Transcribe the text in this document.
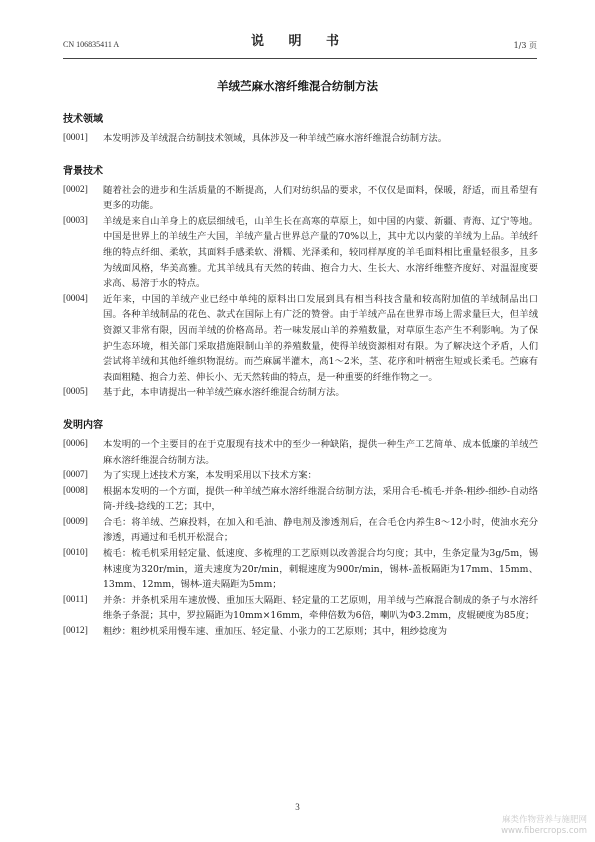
CN 106835411 A	说 明 书	1/3 页
羊绒苎麻水溶纤维混合纺制方法
技术领域
[0001]	本发明涉及羊绒混合纺制技术领域，具体涉及一种羊绒苎麻水溶纤维混合纺制方法。
背景技术
[0002]	随着社会的进步和生活质量的不断提高，人们对纺织品的要求，不仅仅是面料，保暖，舒适，而且希望有更多的功能。
[0003]	羊绒是来自山羊身上的底层细绒毛，山羊生长在高寒的草原上，如中国的内蒙、新疆、青海、辽宁等地。中国是世界上的羊绒生产大国，羊绒产量占世界总产量的70%以上，其中尤以内蒙的羊绒为上品。羊绒纤维的特点纤细、柔软，其面料手感柔软、滑糯、光泽柔和，较同样厚度的羊毛面料相比重量轻很多，且多为绒面风格，华美高雅。尤其羊绒具有天然的转曲、抱合力大、生长大、水溶纤维整齐度好、对温湿度要求高、易溶于水的特点。
[0004]	近年来，中国的羊绒产业已经中单纯的原料出口发展到具有相当科技含量和较高附加值的羊绒制品出口国。各种羊绒制品的花色、款式在国际上有广泛的赞誉。由于羊绒产品在世界市场上需求量巨大，但羊绒资源又非常有限，因而羊绒的价格高昂。若一味发展山羊的养殖数量，对草原生态产生不利影响。为了保护生态环境，相关部门采取措施限制山羊的养殖数量，使得羊绒资源相对有限。为了解决这个矛盾，人们尝试将羊绒和其他纤维织物混纺。而苎麻属半灌木，高1～2米，茎、花序和叶柄密生短或长柔毛。苎麻有表面粗糙、抱合力差、伸长小、无天然转曲的特点，是一种重要的纤维作物之一。
[0005]	基于此，本申请提出一种羊绒苎麻水溶纤维混合纺制方法。
发明内容
[0006]	本发明的一个主要目的在于克服现有技术中的至少一种缺陷，提供一种生产工艺简单、成本低廉的羊绒苎麻水溶纤维混合纺制方法。
[0007]	为了实现上述技术方案，本发明采用以下技术方案：
[0008]	根据本发明的一个方面，提供一种羊绒苎麻水溶纤维混合纺制方法，采用合毛-梳毛-并条-粗纱-细纱-自动络筒-并线-捻线的工艺；其中，
[0009]	合毛：将羊绒、苎麻投料，在加入和毛油、静电剂及渗透剂后，在合毛仓内养生8～12小时，使油水充分渗透，再通过和毛机开松混合；
[0010]	梳毛：梳毛机采用轻定量、低速度、多梳理的工艺原则以改善混合均匀度；其中，生条定量为3g/5m，锡林速度为320r/min，道夫速度为20r/min，刺辊速度为900r/min，锡林-盖板隔距为17mm、15mm、13mm、12mm，锡林-道夫隔距为5mm；
[0011]	并条：并条机采用车速放慢、重加压大隔距、轻定量的工艺原则，用羊绒与苎麻混合制成的条子与水溶纤维条子条混；其中，罗拉隔距为10mm×16mm，牵伸倍数为6倍，喇叭为Φ3.2mm，皮辊硬度为85度；
[0012]	粗纱：粗纱机采用慢车速、重加压、轻定量、小张力的工艺原则；其中，粗纱捻度为
3
麻类作物营养与施肥网
www.fibercrops.com
